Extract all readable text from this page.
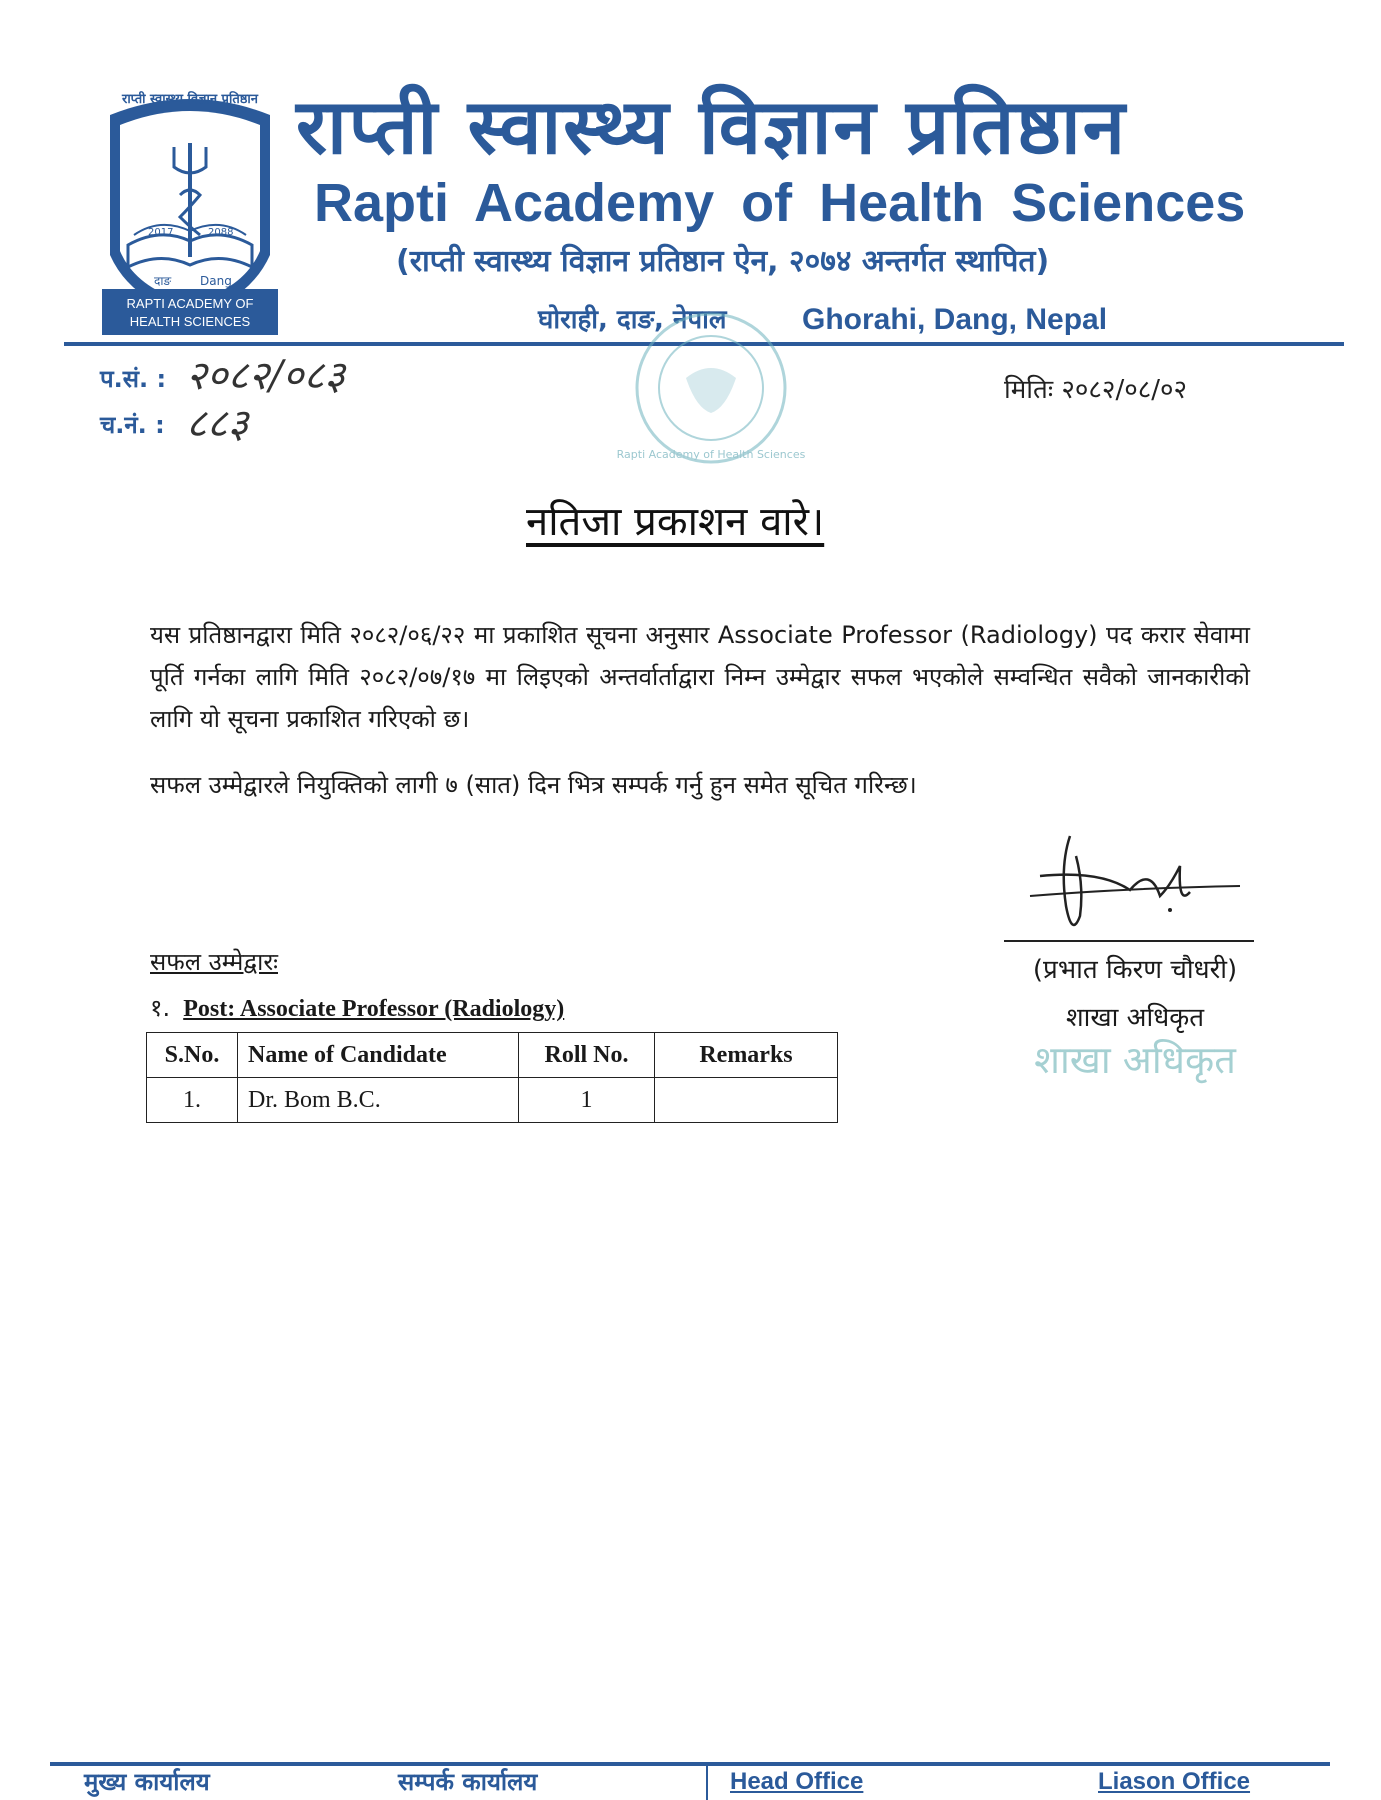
2017	2088
दाङ Dang
RAPTI ACADEMY OF
HEALTH SCIENCES
राप्ती स्वास्थ्य विज्ञान प्रतिष्ठान राप्ती स्वास्थ्य विज्ञान प्रतिष्ठान
Rapti Academy of Health Sciences
(राप्ती स्वास्थ्य विज्ञान प्रतिष्ठान ऐन, २०७४ अन्तर्गत स्थापित)
घोराही, दाङ, नेपाल	Ghorahi, Dang, Nepal
Rapti Academy of Health Sciences
प.सं. : २०८२/०८३
च.नं. : ८८३
मितिः २०८२/०८/०२
नतिजा प्रकाशन वारे।
यस प्रतिष्ठानद्वारा मिति २०८२/०६/२२ मा प्रकाशित सूचना अनुसार Associate Professor (Radiology) पद करार सेवामा पूर्ति गर्नका लागि मिति २०८२/०७/१७ मा लिइएको अन्तर्वार्ताद्वारा निम्न उम्मेद्वार सफल भएकोले सम्वन्धित सवैको जानकारीको लागि यो सूचना प्रकाशित गरिएको छ।
सफल उम्मेद्वारले नियुक्तिको लागी ७ (सात) दिन भित्र सम्पर्क गर्नु हुन समेत सूचित गरिन्छ।
(प्रभात किरण चौधरी)
शाखा अधिकृत
शाखा अधिकृत
सफल उम्मेद्वारः
१. Post: Associate Professor (Radiology)
S.No.	Name of Candidate	Roll No.	Remarks
1.	Dr. Bom B.C.	1	
मुख्य कार्यालय	सम्पर्क कार्यालय	Head Office	Liason Office
